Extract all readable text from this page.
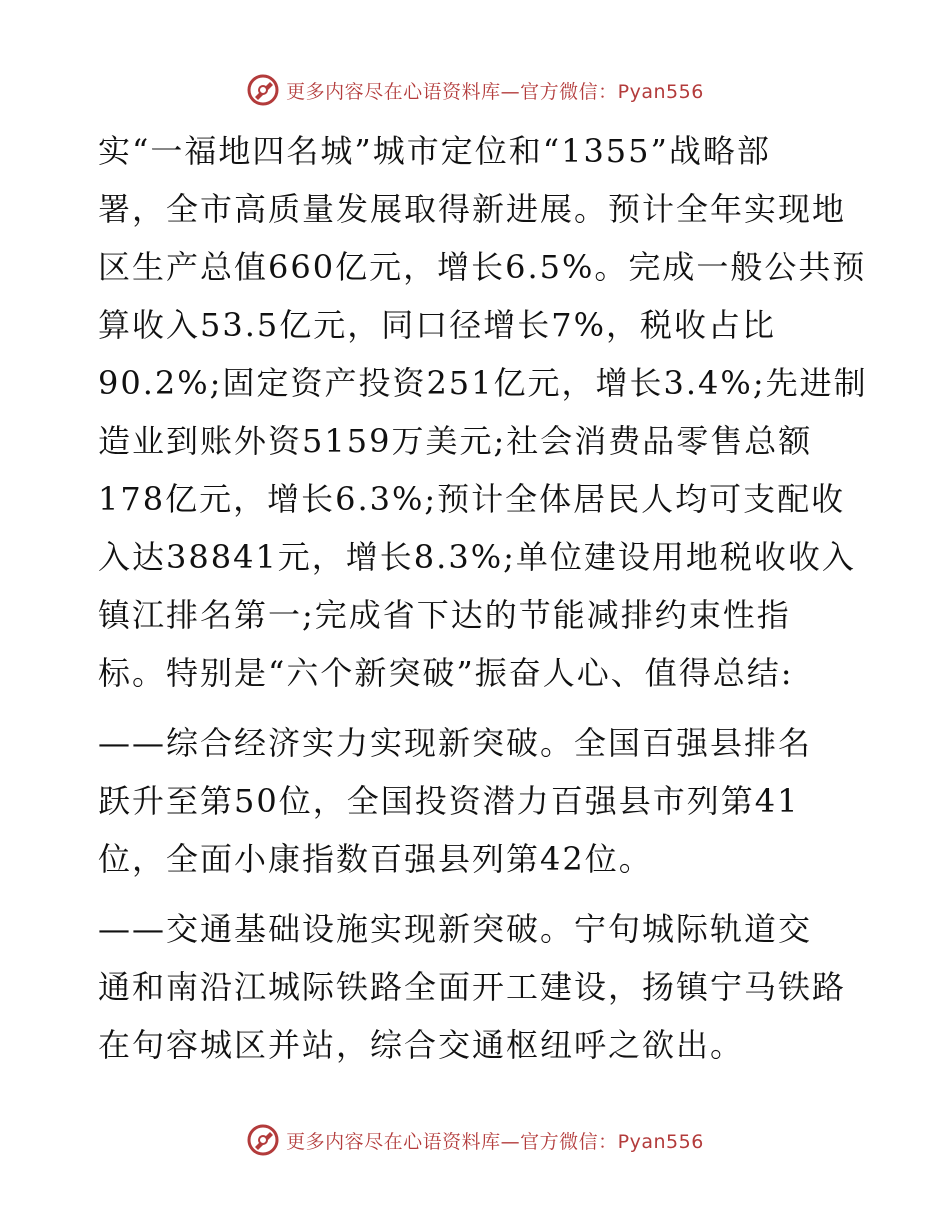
更多内容尽在心语资料库—官方微信：Pyan556
实“一福地四名城”城市定位和“1355”战略部
署，全市高质量发展取得新进展。预计全年实现地
区生产总值660亿元，增长6.5%。完成一般公共预
算收入53.5亿元，同口径增长7%，税收占比
90.2%;固定资产投资251亿元，增长3.4%;先进制
造业到账外资5159万美元;社会消费品零售总额
178亿元，增长6.3%;预计全体居民人均可支配收
入达38841元，增长8.3%;单位建设用地税收收入
镇江排名第一;完成省下达的节能减排约束性指
标。特别是“六个新突破”振奋人心、值得总结:
——综合经济实力实现新突破。全国百强县排名
跃升至第50位，全国投资潜力百强县市列第41
位，全面小康指数百强县列第42位。
——交通基础设施实现新突破。宁句城际轨道交
通和南沿江城际铁路全面开工建设，扬镇宁马铁路
在句容城区并站，综合交通枢纽呼之欲出。
更多内容尽在心语资料库—官方微信：Pyan556
